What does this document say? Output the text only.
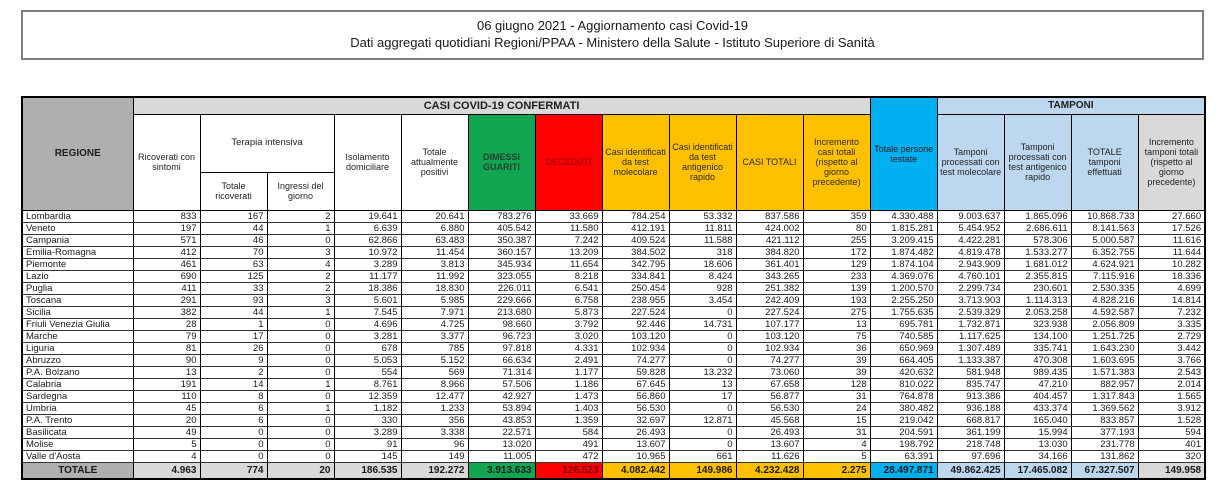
06 giugno 2021 - Aggiornamento casi Covid-19
Dati aggregati quotidiani Regioni/PPAA - Ministero della Salute - Istituto Superiore di Sanità
REGIONE	CASI COVID-19 CONFERMATI											Totale persone testate	TAMPONI			
	Ricoverati con sintomi	Terapia intensiva		Isolamento domiciliare	Totale attualmente positivi	DIMESSI GUARITI	DECEDUTI	Casi identificati da test molecolare	Casi identificati da test antigenico rapido	CASI TOTALI	Incremento casi totali (rispetto al giorno precedente)		Tamponi processati con test molecolare	Tamponi processati con test antigenico rapido	TOTALE tamponi effettuati	Incremento tamponi totali (rispetto al giorno precedente)
		Totale ricoverati	Ingressi del giorno													
Lombardia	833	167	2	19.641	20.641	783.276	33.669	784.254	53.332	837.586	359	4.330.488	9.003.637	1.865.096	10.868.733	27.660
Veneto	197	44	1	6.639	6.880	405.542	11.580	412.191	11.811	424.002	80	1.815.281	5.454.952	2.686.611	8.141.563	17.526
Campania	571	46	0	62.866	63.483	350.387	7.242	409.524	11.588	421.112	255	3.209.415	4.422.281	578.306	5.000.587	11.616
Emilia-Romagna	412	70	3	10.972	11.454	360.157	13.209	384.502	318	384.820	172	1.874.482	4.819.478	1.533.277	6.352.755	11.644
Piemonte	461	63	4	3.289	3.813	345.934	11.654	342.795	18.606	361.401	129	1.874.104	2.943.909	1.681.012	4.624.921	10.282
Lazio	690	125	2	11.177	11.992	323.055	8.218	334.841	8.424	343.265	233	4.369.076	4.760.101	2.355.815	7.115.916	18.336
Puglia	411	33	2	18.386	18.830	226.011	6.541	250.454	928	251.382	139	1.200.570	2.299.734	230.601	2.530.335	4.699
Toscana	291	93	3	5.601	5.985	229.666	6.758	238.955	3.454	242.409	193	2.255.250	3.713.903	1.114.313	4.828.216	14.814
Sicilia	382	44	1	7.545	7.971	213.680	5.873	227.524	0	227.524	275	1.755.635	2.539.329	2.053.258	4.592.587	7.232
Friuli Venezia Giulia	28	1	0	4.696	4.725	98.660	3.792	92.446	14.731	107.177	13	695.781	1.732.871	323.938	2.056.809	3.335
Marche	79	17	0	3.281	3.377	96.723	3.020	103.120	0	103.120	75	740.585	1.117.625	134.100	1.251.725	2.729
Liguria	81	26	0	678	785	97.818	4.331	102.934	0	102.934	36	650.969	1.307.489	335.741	1.643.230	3.442
Abruzzo	90	9	0	5.053	5.152	66.634	2.491	74.277	0	74.277	39	664.405	1.133.387	470.308	1.603.695	3.766
P.A. Bolzano	13	2	0	554	569	71.314	1.177	59.828	13.232	73.060	39	420.632	581.948	989.435	1.571.383	2.543
Calabria	191	14	1	8.761	8.966	57.506	1.186	67.645	13	67.658	128	810.022	835.747	47.210	882.957	2.014
Sardegna	110	8	0	12.359	12.477	42.927	1.473	56.860	17	56.877	31	764.878	913.386	404.457	1.317.843	1.565
Umbria	45	6	1	1.182	1.233	53.894	1.403	56.530	0	56.530	24	380.482	936.188	433.374	1.369.562	3.912
P.A. Trento	20	6	0	330	356	43.853	1.359	32.697	12.871	45.568	15	219.042	668.817	165.040	833.857	1.528
Basilicata	49	0	0	3.289	3.338	22.571	584	26.493	0	26.493	31	204.591	361.199	15.994	377.193	594
Molise	5	0	0	91	96	13.020	491	13.607	0	13.607	4	198.792	218.748	13.030	231.778	401
Valle d'Aosta	4	0	0	145	149	11.005	472	10.965	661	11.626	5	63.391	97.696	34.166	131.862	320
TOTALE	4.963	774	20	186.535	192.272	3.913.633	126.523	4.082.442	149.986	4.232.428	2.275	28.497.871	49.862.425	17.465.082	67.327.507	149.958
